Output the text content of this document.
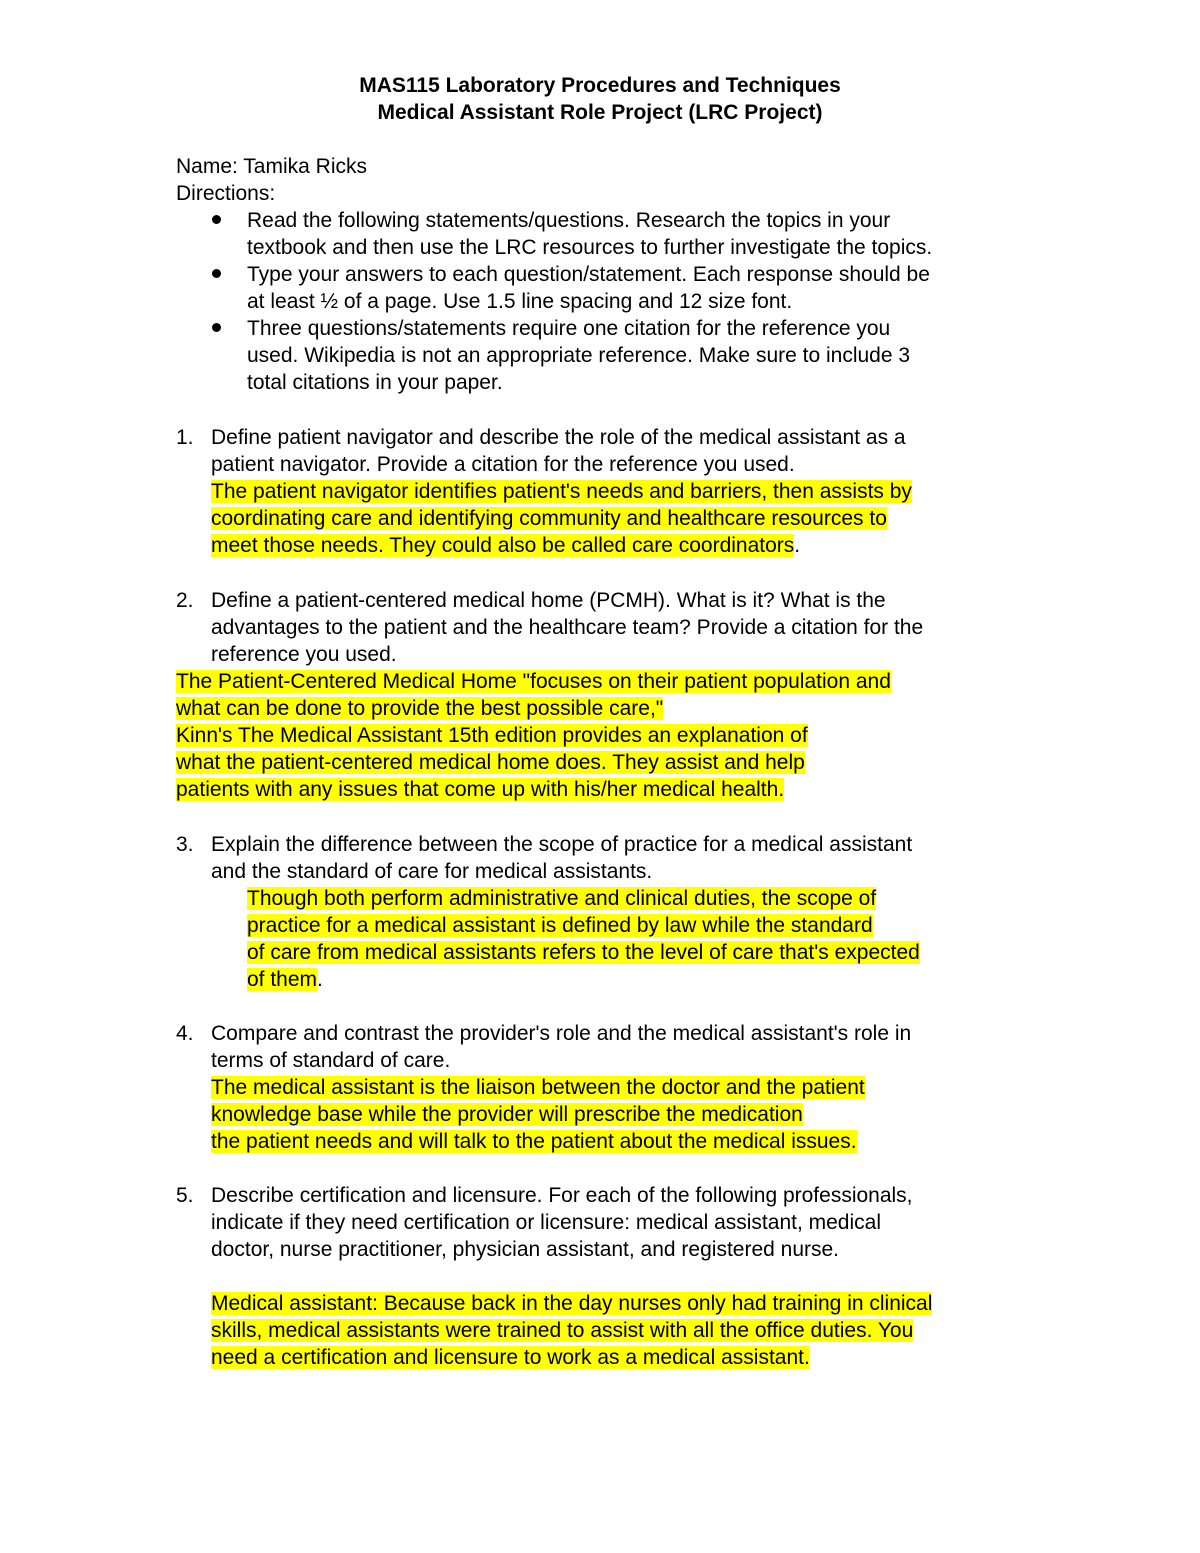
MAS115 Laboratory Procedures and Techniques
Medical Assistant Role Project (LRC Project)
Name: Tamika Ricks
Directions:
Read the following statements/questions. Research the topics in your
textbook and then use the LRC resources to further investigate the topics.
Type your answers to each question/statement. Each response should be
at least ½ of a page. Use 1.5 line spacing and 12 size font.
Three questions/statements require one citation for the reference you
used. Wikipedia is not an appropriate reference. Make sure to include 3
total citations in your paper.
1. Define patient navigator and describe the role of the medical assistant as a
patient navigator. Provide a citation for the reference you used.
The patient navigator identifies patient's needs and barriers, then assists by
coordinating care and identifying community and healthcare resources to
meet those needs. They could also be called care coordinators.
2. Define a patient-centered medical home (PCMH). What is it? What is the
advantages to the patient and the healthcare team? Provide a citation for the
reference you used.
The Patient-Centered Medical Home "focuses on their patient population and
what can be done to provide the best possible care,"
Kinn's The Medical Assistant 15th edition provides an explanation of
what the patient-centered medical home does. They assist and help
patients with any issues that come up with his/her medical health.
3. Explain the difference between the scope of practice for a medical assistant
and the standard of care for medical assistants.
Though both perform administrative and clinical duties, the scope of
practice for a medical assistant is defined by law while the standard
of care from medical assistants refers to the level of care that's expected
of them.
4. Compare and contrast the provider's role and the medical assistant's role in
terms of standard of care.
The medical assistant is the liaison between the doctor and the patient
knowledge base while the provider will prescribe the medication
the patient needs and will talk to the patient about the medical issues.
5. Describe certification and licensure. For each of the following professionals,
indicate if they need certification or licensure: medical assistant, medical
doctor, nurse practitioner, physician assistant, and registered nurse.
Medical assistant: Because back in the day nurses only had training in clinical
skills, medical assistants were trained to assist with all the office duties. You
need a certification and licensure to work as a medical assistant.
